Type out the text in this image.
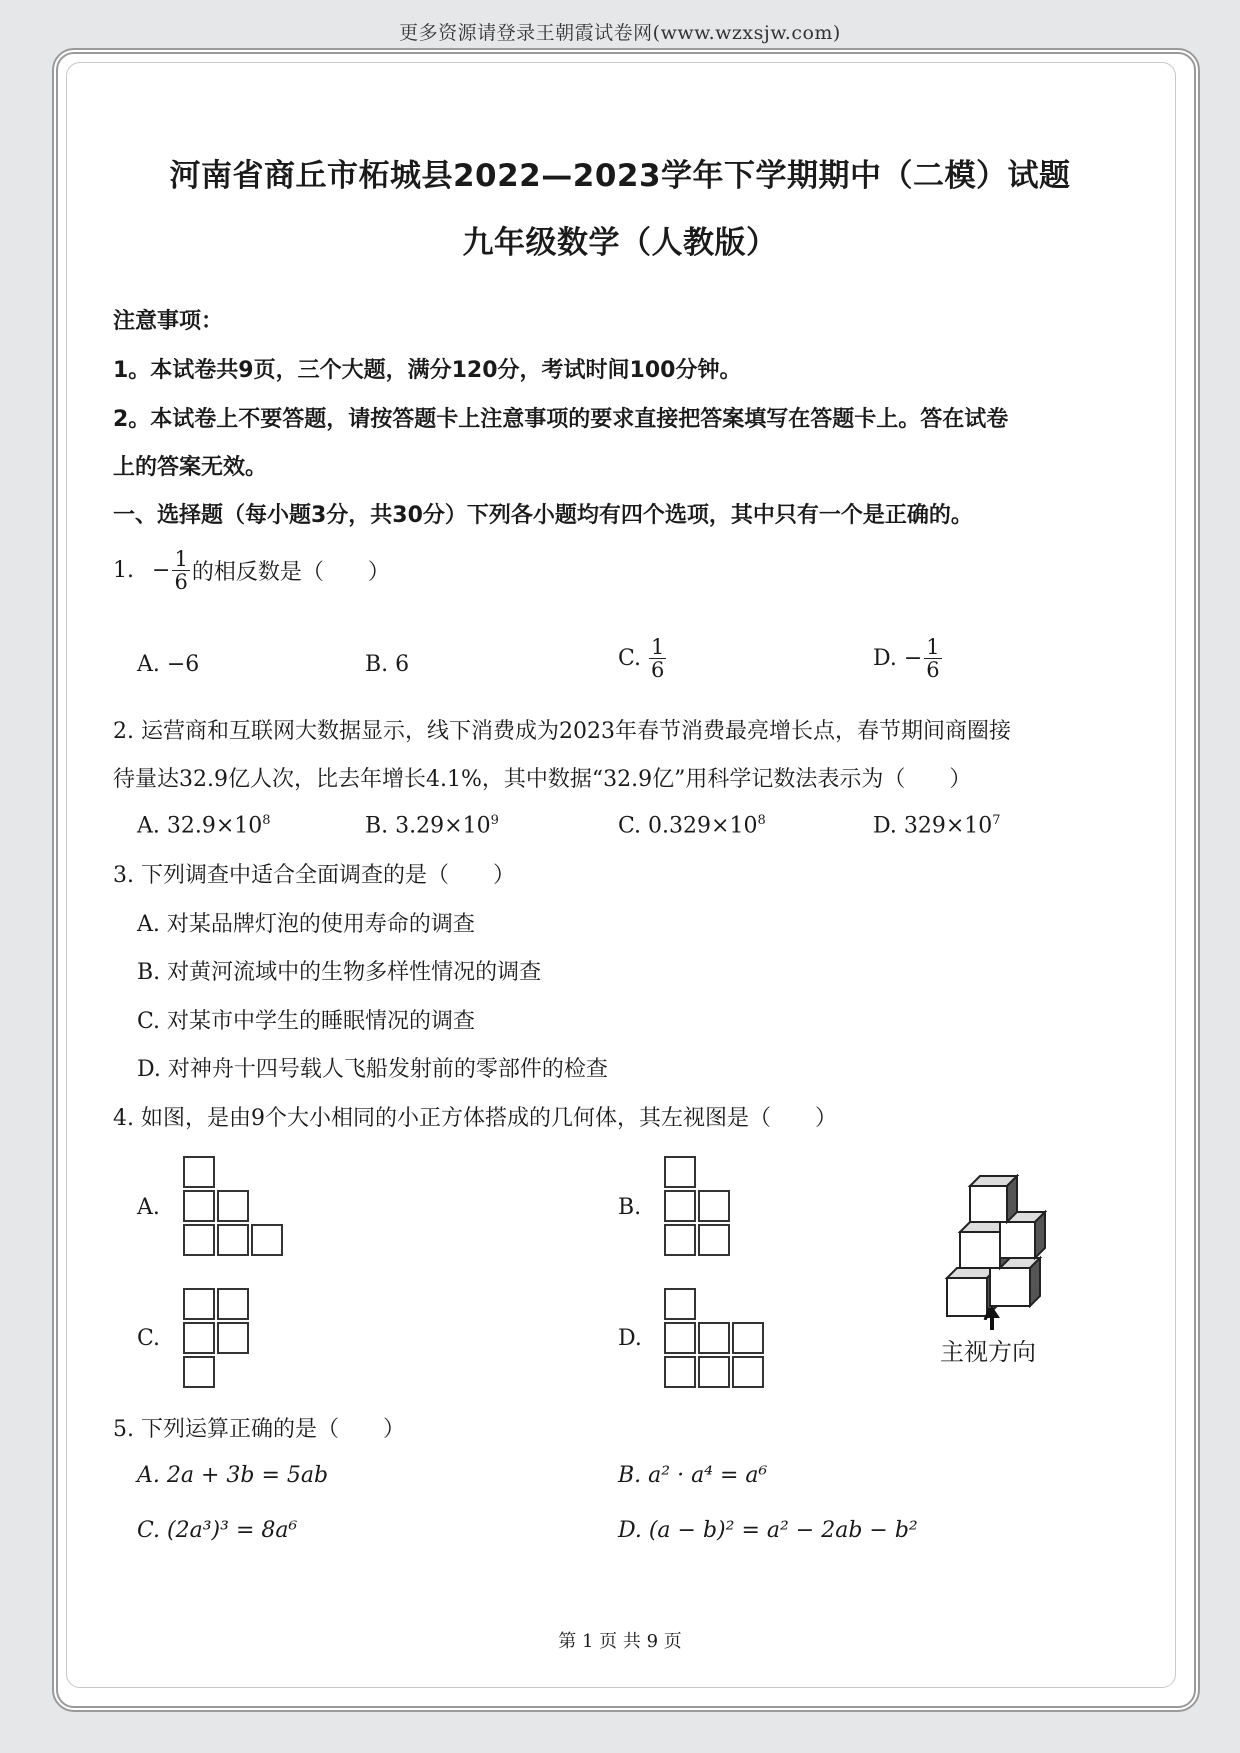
更多资源请登录王朝霞试卷网(www.wzxsjw.com)
河南省商丘市柘城县2022—2023学年下学期期中（二模）试题
九年级数学（人教版）
注意事项：
1。本试卷共9页，三个大题，满分120分，考试时间100分钟。
2。本试卷上不要答题，请按答题卡上注意事项的要求直接把答案填写在答题卡上。答在试卷
上的答案无效。
一、选择题（每小题3分，共30分）下列各小题均有四个选项，其中只有一个是正确的。
1. − $\frac{1}{6}$ 的相反数是（　　）
A. −6	B. 6	C. $\frac{1}{6}$	D. − $\frac{1}{6}$
2. 运营商和互联网大数据显示，线下消费成为2023年春节消费最亮增长点，春节期间商圈接
待量达32.9亿人次，比去年增长4.1%，其中数据“32.9亿”用科学记数法表示为（　　）
A. $32.9\times 10^8$	B. $3.29\times 10^9$	C. $0.329\times 10^8$	D. $329\times 10^7$
3. 下列调查中适合全面调查的是（　　）
A. 对某品牌灯泡的使用寿命的调查
B. 对黄河流域中的生物多样性情况的调查
C. 对某市中学生的睡眠情况的调查
D. 对神舟十四号载人飞船发射前的零部件的检查
4. 如图，是由9个大小相同的小正方体搭成的几何体，其左视图是（　　）
A.	B.
C.	D.	主视方向
5. 下列运算正确的是（　　）
A. 2a + 3b = 5ab	B. a² · a⁴ = a⁶
C. (2a³)³ = 8a⁶	D. (a − b)² = a² − 2ab − b²
第 1 页 共 9 页
